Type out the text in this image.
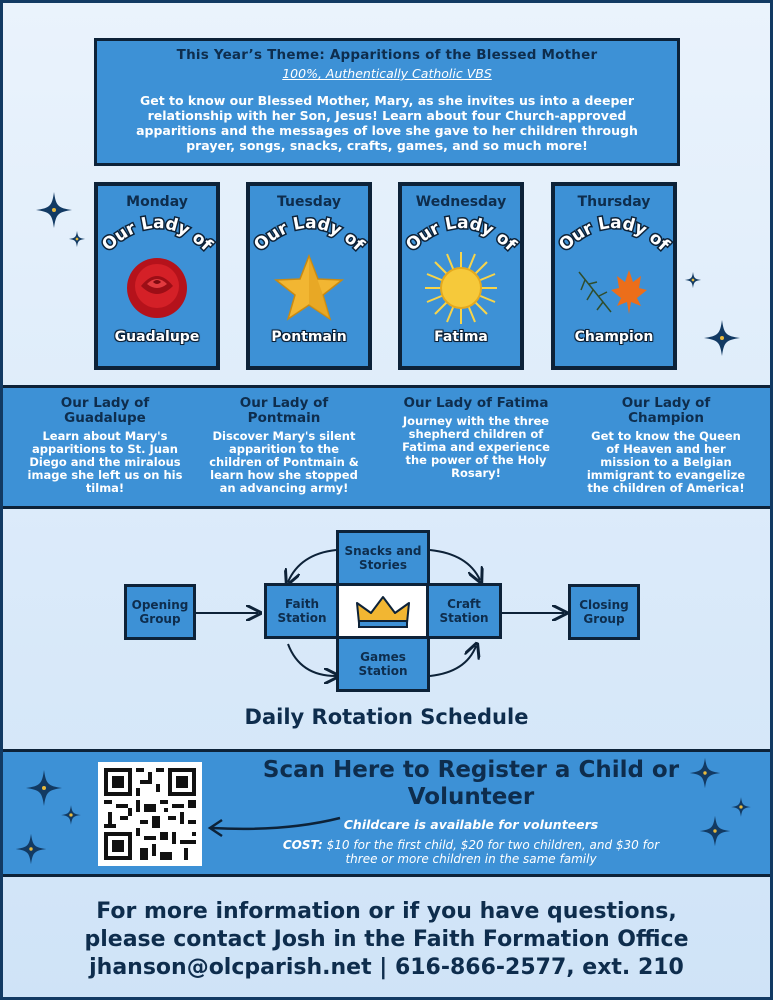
This Year’s Theme: Apparitions of the Blessed Mother
100%, Authentically Catholic VBS
Get to know our Blessed Mother, Mary, as she invites us into a deeper relationship with her Son, Jesus! Learn about four Church-approved apparitions and the messages of love she gave to her children through prayer, songs, snacks, crafts, games, and so much more!
Monday
Our Lady of
Guadalupe
Tuesday
Our Lady of
Pontmain
Wednesday
Our Lady of
Fatima
Thursday
Our Lady of
Champion
Our Lady of Guadalupe
Learn about Mary's apparitions to St. Juan Diego and the miralous image she left us on his tilma!
Our Lady of Pontmain
Discover Mary's silent apparition to the children of Pontmain & learn how she stopped an advancing army!
Our Lady of Fatima
Journey with the three shepherd children of Fatima and experience the power of the Holy Rosary!
Our Lady of Champion
Get to know the Queen of Heaven and her mission to a Belgian immigrant to evangelize the children of America!
Opening Group
Faith Station
Snacks and Stories
Craft Station
Games Station
Closing Group
Daily Rotation Schedule
Scan Here to Register a Child or Volunteer
Childcare is available for volunteers
COST: $10 for the first child, $20 for two children, and $30 for three or more children in the same family
For more information or if you have questions,
please contact Josh in the Faith Formation Office
jhanson@olcparish.net | 616-866-2577, ext. 210
